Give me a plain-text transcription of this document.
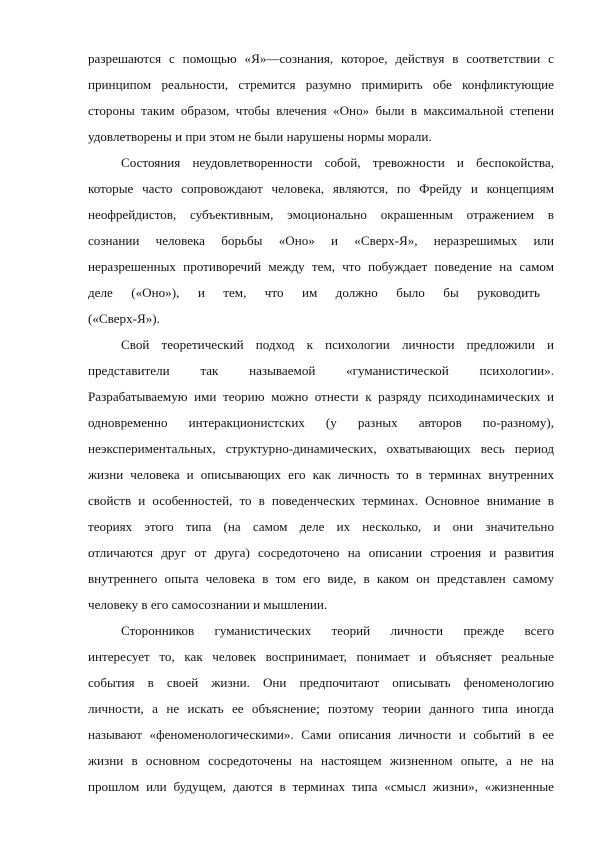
разрешаются с помощью «Я»—сознания, которое, действуя в соответствии с
принципом реальности, стремится разумно примирить обе конфликтующие
стороны таким образом, чтобы влечения «Оно» были в максимальной степени
удовлетворены и при этом не были нарушены нормы морали.
Состояния неудовлетворенности собой, тревожности и беспокойства,
которые часто сопровождают человека, являются, по Фрейду и концепциям
неофрейдистов, субъективным, эмоционально окрашенным отражением в
сознании человека борьбы «Оно» и «Сверх-Я», неразрешимых или
неразрешенных противоречий между тем, что побуждает поведение на самом
деле («Оно»), и тем, что им должно было бы руководить
(«Сверх-Я»).
Свой теоретический подход к психологии личности предложили и
представители так называемой «гуманистической психологии».
Разрабатываемую ими теорию можно отнести к разряду психодинамических и
одновременно интеракционистских (у разных авторов по-разному),
неэкспериментальных, структурно-динамических, охватывающих весь период
жизни человека и описывающих его как личность то в терминах внутренних
свойств и особенностей, то в поведенческих терминах. Основное внимание в
теориях этого типа (на самом деле их несколько, и они значительно
отличаются друг от друга) сосредоточено на описании строения и развития
внутреннего опыта человека в том его виде, в каком он представлен самому
человеку в его самосознании и мышлении.
Сторонников гуманистических теорий личности прежде всего
интересует то, как человек воспринимает, понимает и объясняет реальные
события в своей жизни. Они предпочитают описывать феноменологию
личности, а не искать ее объяснение; поэтому теории данного типа иногда
называют «феноменологическими». Сами описания личности и событий в ее
жизни в основном сосредоточены на настоящем жизненном опыте, а не на
прошлом или будущем, даются в терминах типа «смысл жизни», «жизненные
